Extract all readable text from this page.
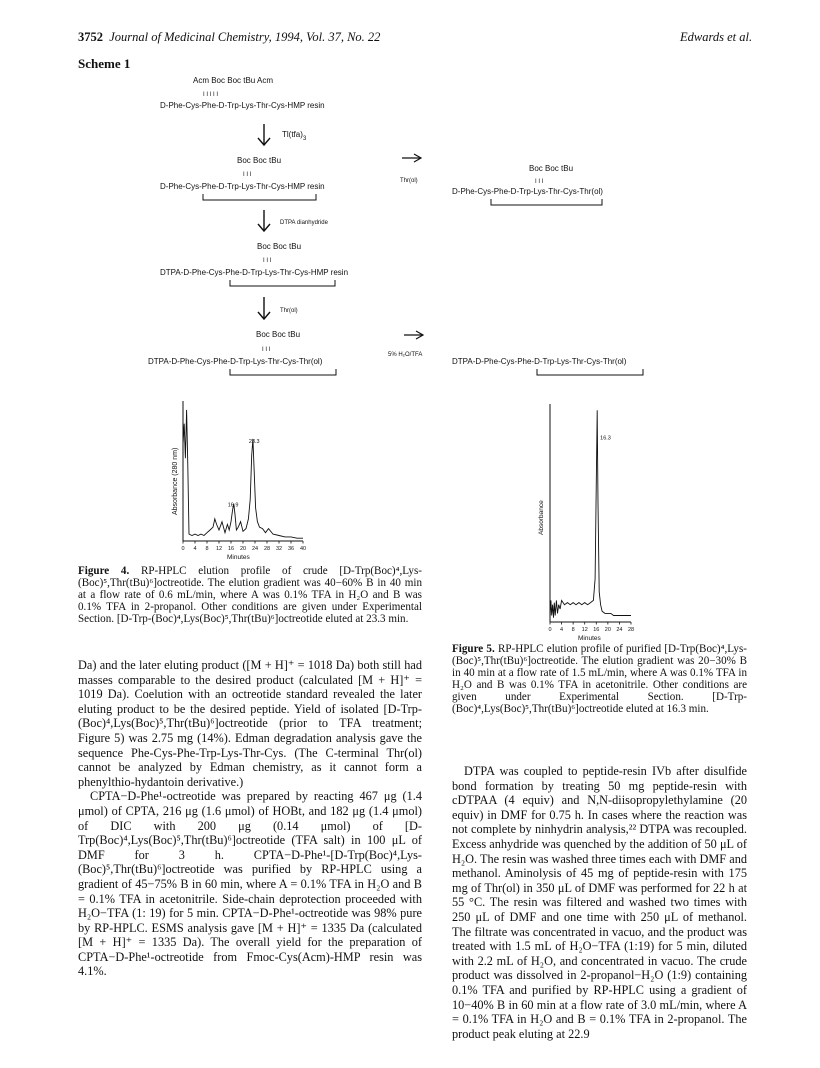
3752 Journal of Medicinal Chemistry, 1994, Vol. 37, No. 22	Edwards et al.
Scheme 1
Acm Boc Boc tBu Acm
I I I I I
D-Phe-Cys-Phe-D-Trp-Lys-Thr-Cys-HMP resin
Tl(tfa) 3
Boc Boc tBu
I I I
D-Phe-Cys-Phe-D-Trp-Lys-Thr-Cys-HMP resin
Thr(ol)
Boc Boc tBu
I I I
D-Phe-Cys-Phe-D-Trp-Lys-Thr-Cys-Thr(ol)
DTPA dianhydride
Boc Boc tBu
I I I
DTPA-D-Phe-Cys-Phe-D-Trp-Lys-Thr-Cys-HMP resin
Thr(ol)
Boc Boc tBu
I I I
DTPA-D-Phe-Cys-Phe-D-Trp-Lys-Thr-Cys-Thr(ol)
5% H₂O/TFA
DTPA-D-Phe-Cys-Phe-D-Trp-Lys-Thr-Cys-Thr(ol)
Absorbance (280 nm)
Minutes
0 4 8 12 16 20 24 28 32 36 40
16.9
23.3
Figure 4. RP-HPLC elution profile of crude [D-Trp(Boc)⁴,Lys-(Boc)⁵,Thr(tBu)⁶]octreotide. The elution gradient was 40−60% B in 40 min at a flow rate of 0.6 mL/min, where A was 0.1% TFA in H₂O and B was 0.1% TFA in 2-propanol. Other conditions are given under Experimental Section. [D-Trp-(Boc)⁴,Lys(Boc)⁵,Thr(tBu)⁶]octreotide eluted at 23.3 min.
Absorbance
Minutes
0 4 8 12 16 20 24 28
16.3
Figure 5. RP-HPLC elution profile of purified [D-Trp(Boc)⁴,Lys-(Boc)⁵,Thr(tBu)⁶]octreotide. The elution gradient was 20−30% B in 40 min at a flow rate of 1.5 mL/min, where A was 0.1% TFA in H₂O and B was 0.1% TFA in acetonitrile. Other conditions are given under Experimental Section. [D-Trp-(Boc)⁴,Lys(Boc)⁵,Thr(tBu)⁶]octreotide eluted at 16.3 min.

Da) and the later eluting product ([M + H]⁺ = 1018 Da) both still had masses comparable to the desired product (calculated [M + H]⁺ = 1019 Da). Coelution with an octreotide standard revealed the later eluting product to be the desired peptide. Yield of isolated [D-Trp-(Boc)⁴,Lys(Boc)⁵,Thr(tBu)⁶]octreotide (prior to TFA treatment; Figure 5) was 2.75 mg (14%). Edman degradation analysis gave the sequence Phe-Cys-Phe-Trp-Lys-Thr-Cys. (The C-terminal Thr(ol) cannot be analyzed by Edman chemistry, as it cannot form a phenylthio-hydantoin derivative.)

CPTA−D-Phe¹-octreotide was prepared by reacting 467 μg (1.4 μmol) of CPTA, 216 μg (1.6 μmol) of HOBt, and 182 μg (1.4 μmol) of DIC with 200 μg (0.14 μmol) of [D-Trp(Boc)⁴,Lys(Boc)⁵,Thr(tBu)⁶]octreotide (TFA salt) in 100 μL of DMF for 3 h. CPTA−D-Phe¹-[D-Trp(Boc)⁴,Lys-(Boc)⁵,Thr(tBu)⁶]octreotide was purified by RP-HPLC using a gradient of 45−75% B in 60 min, where A = 0.1% TFA in H₂O and B = 0.1% TFA in acetonitrile. Side-chain deprotection proceeded with H₂O−TFA (1: 19) for 5 min. CPTA−D-Phe¹-octreotide was 98% pure by RP-HPLC. ESMS analysis gave [M + H]⁺ = 1335 Da (calculated [M + H]⁺ = 1335 Da). The overall yield for the preparation of CPTA−D-Phe¹-octreotide from Fmoc-Cys(Acm)-HMP resin was 4.1%.

DTPA was coupled to peptide-resin IVb after disulfide bond formation by treating 50 mg peptide-resin with cDTPAA (4 equiv) and N,N-diisopropylethylamine (20 equiv) in DMF for 0.75 h. In cases where the reaction was not complete by ninhydrin analysis,²² DTPA was recoupled. Excess anhydride was quenched by the addition of 50 μL of H₂O. The resin was washed three times each with DMF and methanol. Aminolysis of 45 mg of peptide-resin with 175 mg of Thr(ol) in 350 μL of DMF was performed for 22 h at 55 °C. The resin was filtered and washed two times with 250 μL of DMF and one time with 250 μL of methanol. The filtrate was concentrated in vacuo, and the product was treated with 1.5 mL of H₂O−TFA (1:19) for 5 min, diluted with 2.2 mL of H₂O, and concentrated in vacuo. The crude product was dissolved in 2-propanol−H₂O (1:9) containing 0.1% TFA and purified by RP-HPLC using a gradient of 10−40% B in 60 min at a flow rate of 3.0 mL/min, where A = 0.1% TFA in H₂O and B = 0.1% TFA in 2-propanol. The product peak eluting at 22.9
